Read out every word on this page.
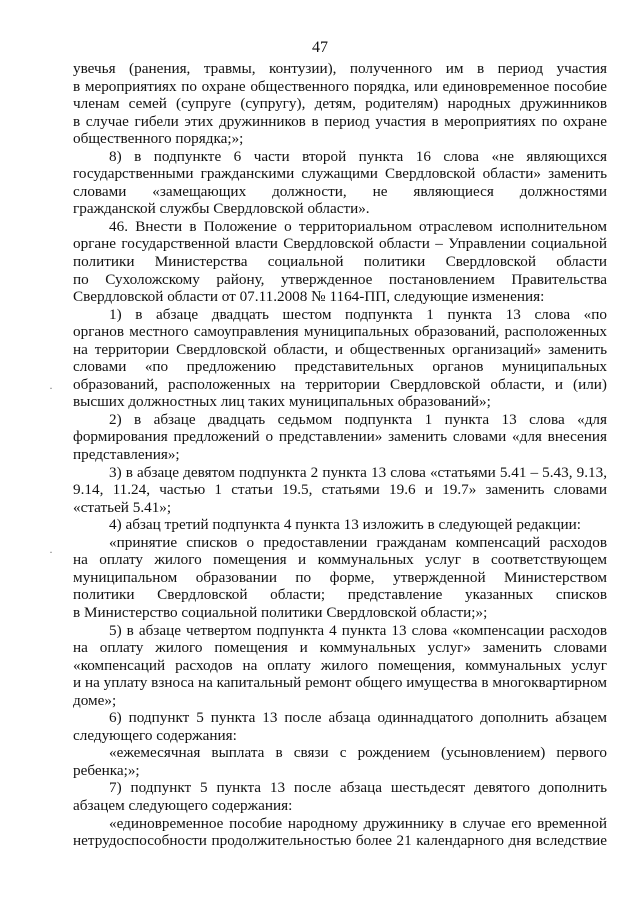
47
увечья (ранения, травмы, контузии), полученного им в период участия
в мероприятиях по охране общественного порядка, или единовременное пособие
членам семей (супруге (супругу), детям, родителям) народных дружинников
в случае гибели этих дружинников в период участия в мероприятиях по охране
общественного порядка;»;
8) в подпункте 6 части второй пункта 16 слова «не являющихся
государственными гражданскими служащими Свердловской области» заменить
словами «замещающих должности, не являющиеся должностями
гражданской службы Свердловской области».
46. Внести в Положение о территориальном отраслевом исполнительном
органе государственной власти Свердловской области – Управлении социальной
политики Министерства социальной политики Свердловской области
по Сухоложскому району, утвержденное постановлением Правительства
Свердловской области от 07.11.2008 № 1164-ПП, следующие изменения:
1) в абзаце двадцать шестом подпункта 1 пункта 13 слова «по
органов местного самоуправления муниципальных образований, расположенных
на территории Свердловской области, и общественных организаций» заменить
словами «по предложению представительных органов муниципальных
образований, расположенных на территории Свердловской области, и (или)
высших должностных лиц таких муниципальных образований»;
2) в абзаце двадцать седьмом подпункта 1 пункта 13 слова «для
формирования предложений о представлении» заменить словами «для внесения
представления»;
3) в абзаце девятом подпункта 2 пункта 13 слова «статьями 5.41 – 5.43, 9.13,
9.14, 11.24, частью 1 статьи 19.5, статьями 19.6 и 19.7» заменить словами
«статьей 5.41»;
4) абзац третий подпункта 4 пункта 13 изложить в следующей редакции:
«принятие списков о предоставлении гражданам компенсаций расходов
на оплату жилого помещения и коммунальных услуг в соответствующем
муниципальном образовании по форме, утвержденной Министерством
политики Свердловской области; представление указанных списков
в Министерство социальной политики Свердловской области;»;
5) в абзаце четвертом подпункта 4 пункта 13 слова «компенсации расходов
на оплату жилого помещения и коммунальных услуг» заменить словами
«компенсаций расходов на оплату жилого помещения, коммунальных услуг
и на уплату взноса на капитальный ремонт общего имущества в многоквартирном
доме»;
6) подпункт 5 пункта 13 после абзаца одиннадцатого дополнить абзацем
следующего содержания:
«ежемесячная выплата в связи с рождением (усыновлением) первого
ребенка;»;
7) подпункт 5 пункта 13 после абзаца шестьдесят девятого дополнить
абзацем следующего содержания:
«единовременное пособие народному дружиннику в случае его временной
нетрудоспособности продолжительностью более 21 календарного дня вследствие
·
·
